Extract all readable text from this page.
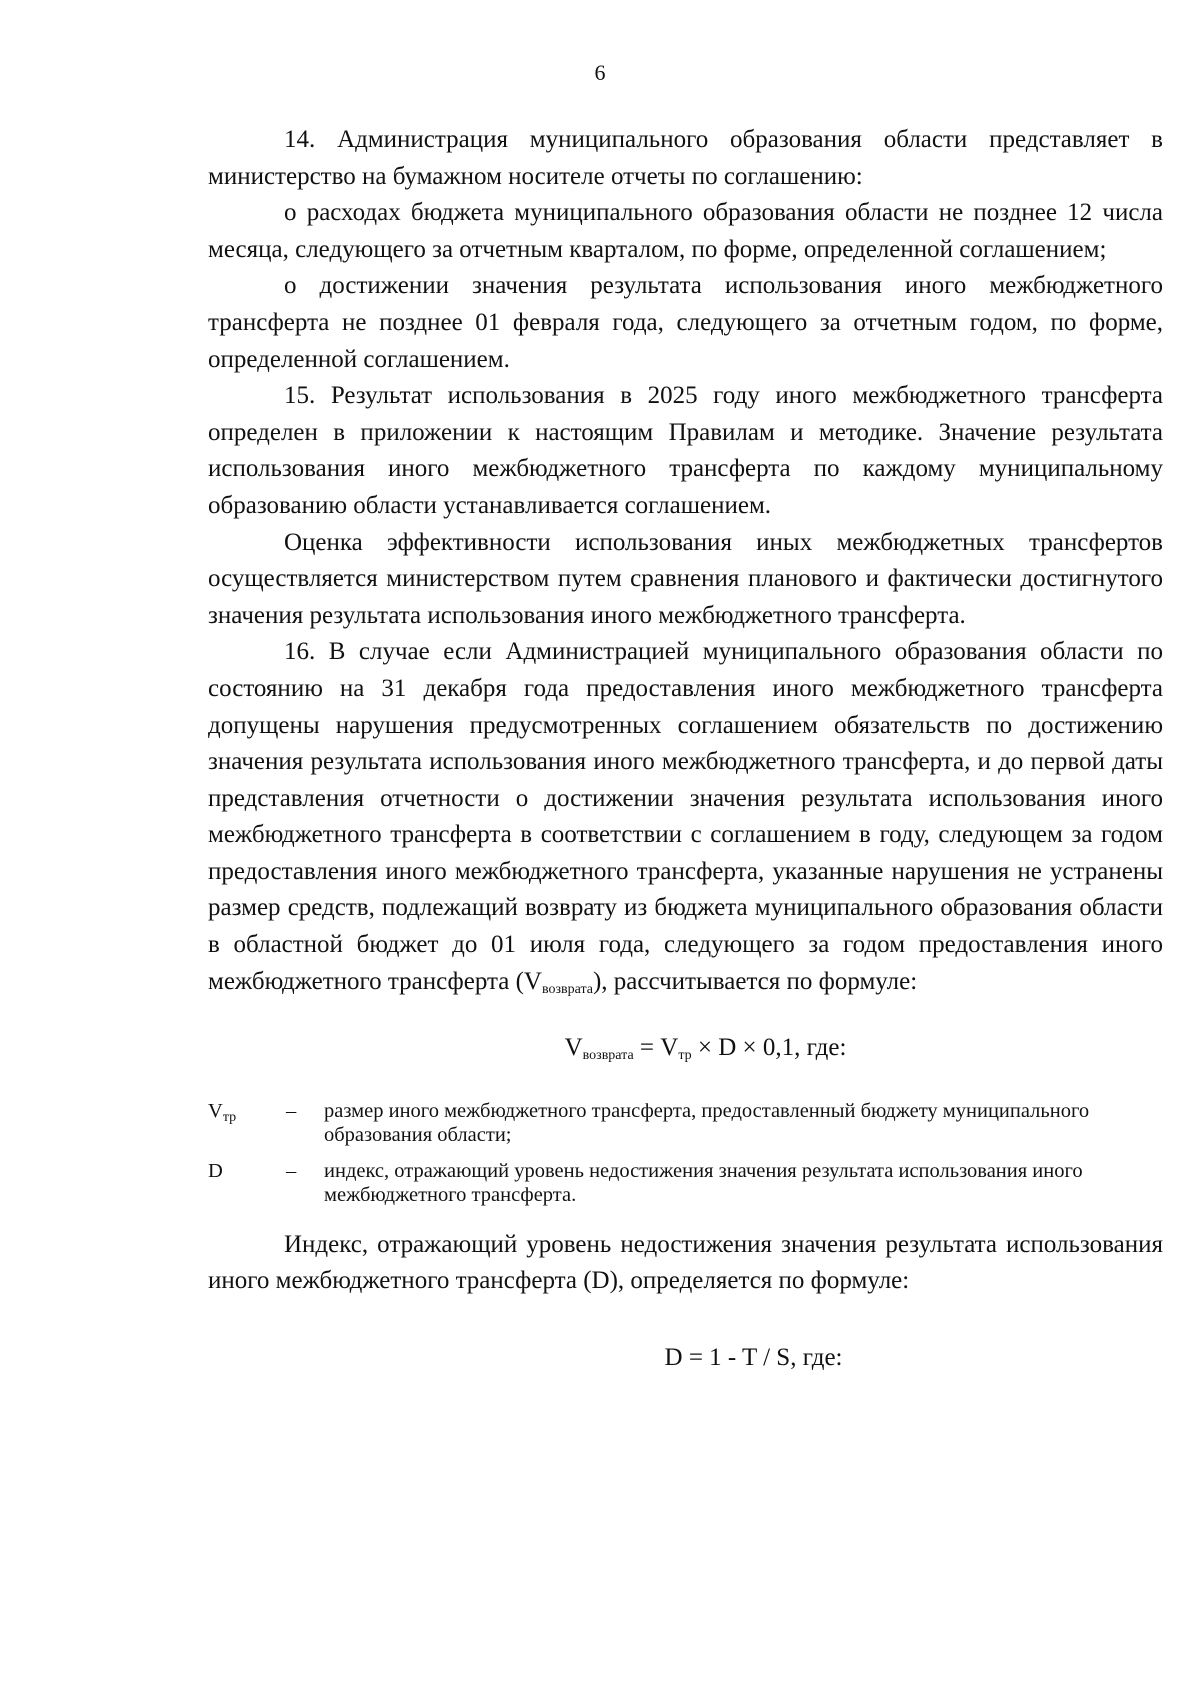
6

14. Администрация муниципального образования области представляет в министерство на бумажном носителе отчеты по соглашению:

о расходах бюджета муниципального образования области не позднее 12 числа месяца, следующего за отчетным кварталом, по форме, определенной соглашением;

о достижении значения результата использования иного межбюджетного трансферта не позднее 01 февраля года, следующего за отчетным годом, по форме, определенной соглашением.

15. Результат использования в 2025 году иного межбюджетного трансферта определен в приложении к настоящим Правилам и методике. Значение результата использования иного межбюджетного трансферта по каждому муниципальному образованию области устанавливается соглашением.

Оценка эффективности использования иных межбюджетных трансфертов осуществляется министерством путем сравнения планового и фактически достигнутого значения результата использования иного межбюджетного трансферта.

16. В случае если Администрацией муниципального образования области по состоянию на 31 декабря года предоставления иного межбюджетного трансферта допущены нарушения предусмотренных соглашением обязательств по достижению значения результата использования иного межбюджетного трансферта, и до первой даты представления отчетности о достижении значения результата использования иного межбюджетного трансферта в соответствии с соглашением в году, следующем за годом предоставления иного межбюджетного трансферта, указанные нарушения не устранены размер средств, подлежащий возврату из бюджета муниципального образования области в областной бюджет до 01 июля года, следующего за годом предоставления иного межбюджетного трансферта $(V_{возврата})$, рассчитывается по формуле:

$V_{возврата} = V_{тр} \times D \times 0,1$, где:

$V_{тр}$	–	размер иного межбюджетного трансферта, предоставленный бюджету муниципального образования области;
D	–	индекс, отражающий уровень недостижения значения результата использования иного межбюджетного трансферта.

Индекс, отражающий уровень недостижения значения результата использования иного межбюджетного трансферта (D), определяется по формуле:

D = 1 - T / S, где:
